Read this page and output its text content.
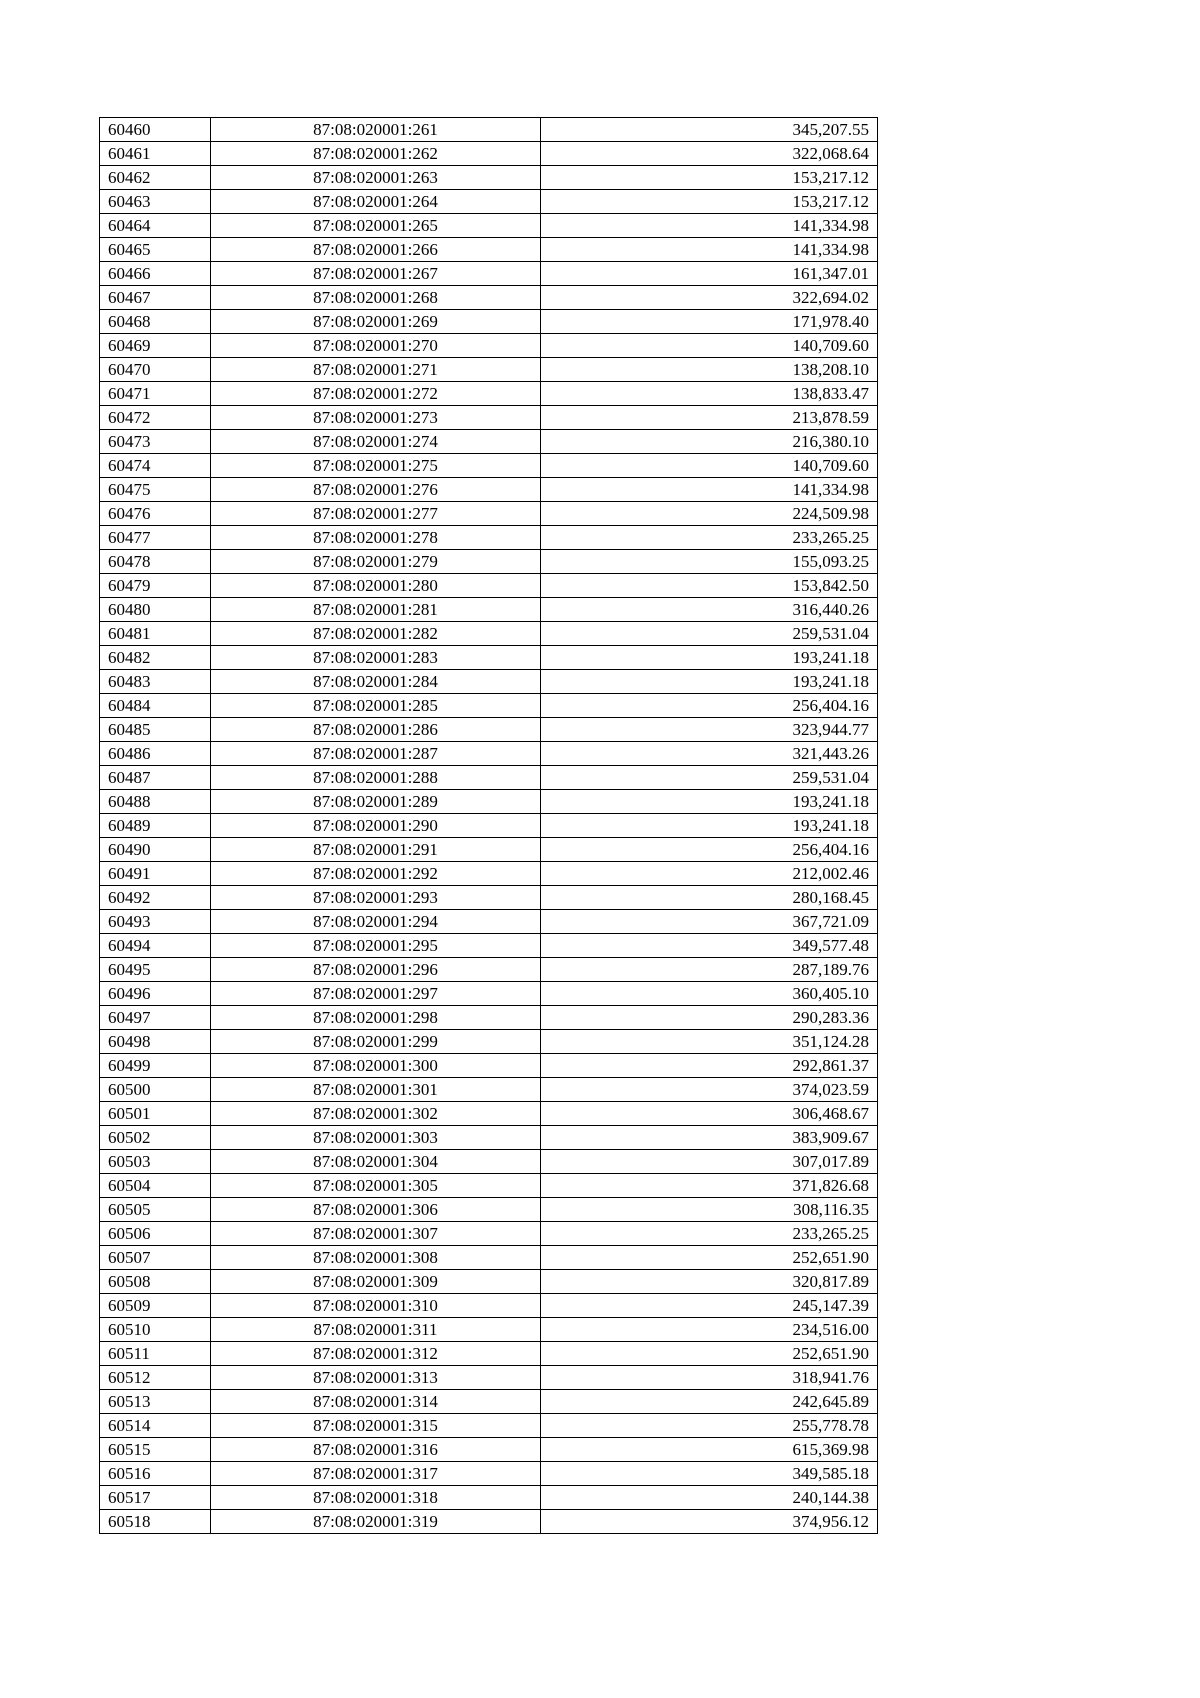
60460	87:08:020001:261	345,207.55
60461	87:08:020001:262	322,068.64
60462	87:08:020001:263	153,217.12
60463	87:08:020001:264	153,217.12
60464	87:08:020001:265	141,334.98
60465	87:08:020001:266	141,334.98
60466	87:08:020001:267	161,347.01
60467	87:08:020001:268	322,694.02
60468	87:08:020001:269	171,978.40
60469	87:08:020001:270	140,709.60
60470	87:08:020001:271	138,208.10
60471	87:08:020001:272	138,833.47
60472	87:08:020001:273	213,878.59
60473	87:08:020001:274	216,380.10
60474	87:08:020001:275	140,709.60
60475	87:08:020001:276	141,334.98
60476	87:08:020001:277	224,509.98
60477	87:08:020001:278	233,265.25
60478	87:08:020001:279	155,093.25
60479	87:08:020001:280	153,842.50
60480	87:08:020001:281	316,440.26
60481	87:08:020001:282	259,531.04
60482	87:08:020001:283	193,241.18
60483	87:08:020001:284	193,241.18
60484	87:08:020001:285	256,404.16
60485	87:08:020001:286	323,944.77
60486	87:08:020001:287	321,443.26
60487	87:08:020001:288	259,531.04
60488	87:08:020001:289	193,241.18
60489	87:08:020001:290	193,241.18
60490	87:08:020001:291	256,404.16
60491	87:08:020001:292	212,002.46
60492	87:08:020001:293	280,168.45
60493	87:08:020001:294	367,721.09
60494	87:08:020001:295	349,577.48
60495	87:08:020001:296	287,189.76
60496	87:08:020001:297	360,405.10
60497	87:08:020001:298	290,283.36
60498	87:08:020001:299	351,124.28
60499	87:08:020001:300	292,861.37
60500	87:08:020001:301	374,023.59
60501	87:08:020001:302	306,468.67
60502	87:08:020001:303	383,909.67
60503	87:08:020001:304	307,017.89
60504	87:08:020001:305	371,826.68
60505	87:08:020001:306	308,116.35
60506	87:08:020001:307	233,265.25
60507	87:08:020001:308	252,651.90
60508	87:08:020001:309	320,817.89
60509	87:08:020001:310	245,147.39
60510	87:08:020001:311	234,516.00
60511	87:08:020001:312	252,651.90
60512	87:08:020001:313	318,941.76
60513	87:08:020001:314	242,645.89
60514	87:08:020001:315	255,778.78
60515	87:08:020001:316	615,369.98
60516	87:08:020001:317	349,585.18
60517	87:08:020001:318	240,144.38
60518	87:08:020001:319	374,956.12
